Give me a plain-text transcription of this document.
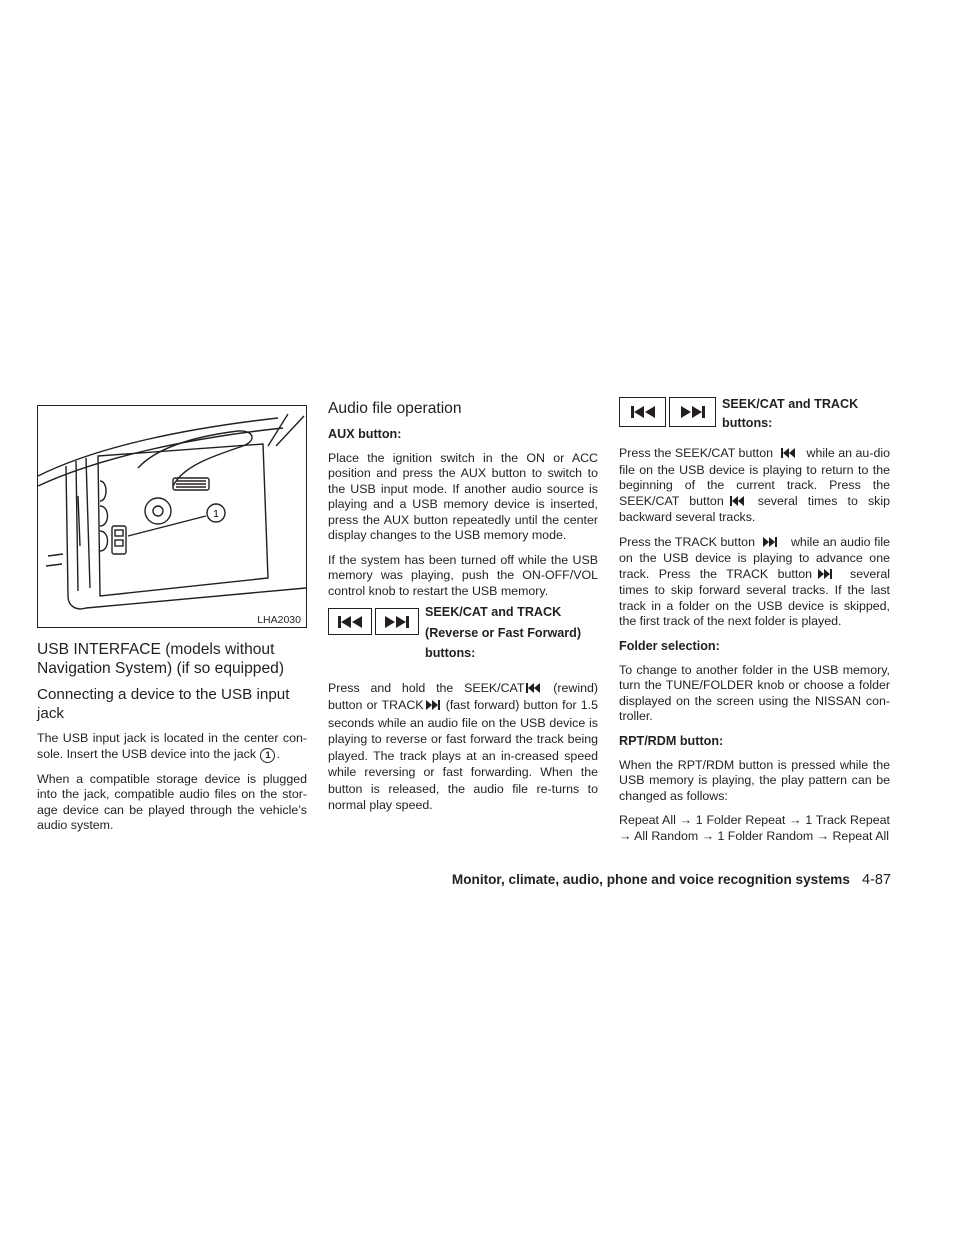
1
LHA2030
USB INTERFACE (models without Navigation System) (if so equipped)
Connecting a device to the USB input jack

The USB input jack is located in the center con-sole. Insert the USB device into the jack 1 .

When a compatible storage device is plugged into the jack, compatible audio files on the stor-age device can be played through the vehicle’s audio system.

Audio file operation
AUX button:

Place the ignition switch in the ON or ACC position and press the AUX button to switch to the USB input mode. If another audio source is playing and a USB memory device is inserted, press the AUX button repeatedly until the center display changes to the USB memory mode.

If the system has been turned off while the USB memory was playing, push the ON-OFF/VOL control knob to restart the USB memory.

SEEK/CAT and TRACK
(Reverse or Fast Forward)
buttons:

Press and hold the SEEK/CAT (rewind) button or TRACK (fast forward) button for 1.5 seconds while an audio file on the USB device is playing to reverse or fast forward the track being played. The track plays at an in-creased speed while reversing or fast forwarding. When the button is released, the audio file re-turns to normal play speed.

SEEK/CAT and TRACK
buttons:

Press the SEEK/CAT button	while an au-dio file on the USB device is playing to return to the beginning of the current track. Press the SEEK/CAT button	several times to skip backward several tracks.

Press the TRACK button	while an audio file on the USB device is playing to advance one track. Press the TRACK button	several times to skip forward several tracks. If the last track in a folder on the USB device is skipped, the first track of the next folder is played.

Folder selection:

To change to another folder in the USB memory, turn the TUNE/FOLDER knob or choose a folder displayed on the screen using the NISSAN con-troller.

RPT/RDM button:

When the RPT/RDM button is pressed while the USB memory is playing, the play pattern can be changed as follows:

Repeat All → 1 Folder Repeat → 1 Track Repeat → All Random → 1 Folder Random → Repeat All

Monitor, climate, audio, phone and voice recognition systems 4-87
